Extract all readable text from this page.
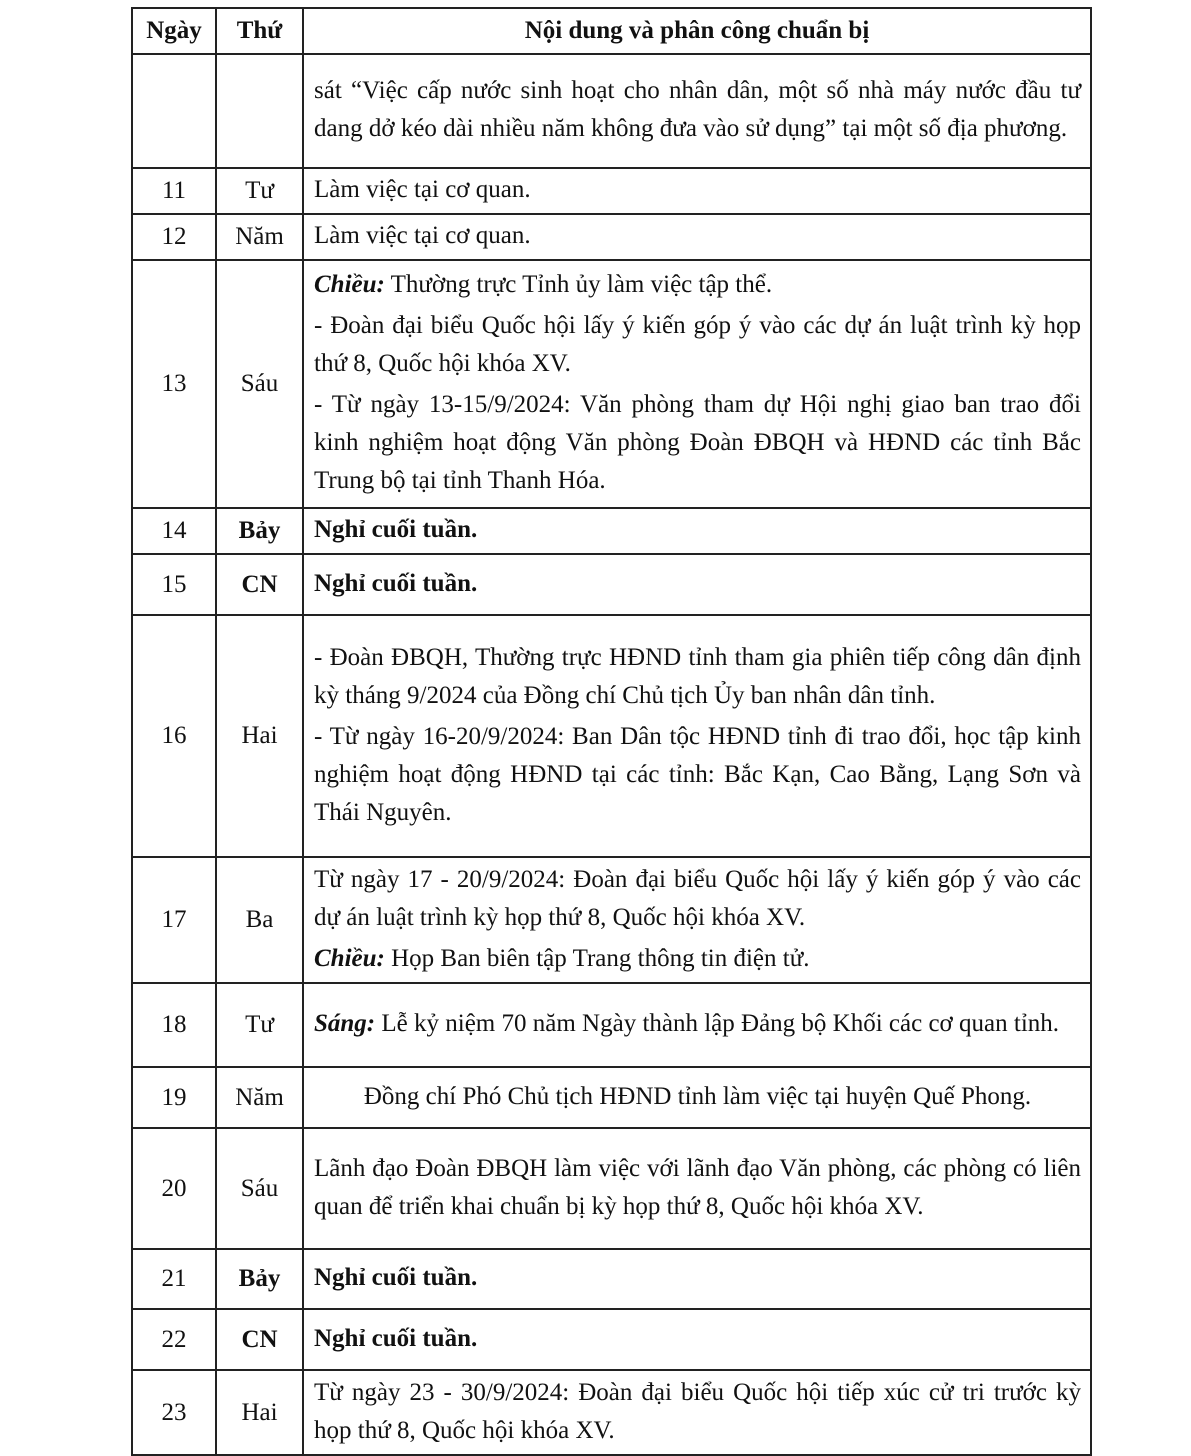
Ngày	Thứ	Nội dung và phân công chuẩn bị

		sát “Việc cấp nước sinh hoạt cho nhân dân, một số nhà máy nước đầu tư dang dở kéo dài nhiều năm không đưa vào sử dụng” tại một số địa phương.

11	Tư	Làm việc tại cơ quan.

12	Năm	Làm việc tại cơ quan.

13	Sáu	Chiều: Thường trực Tỉnh ủy làm việc tập thể.
- Đoàn đại biểu Quốc hội lấy ý kiến góp ý vào các dự án luật trình kỳ họp thứ 8, Quốc hội khóa XV.
- Từ ngày 13-15/9/2024: Văn phòng tham dự Hội nghị giao ban trao đổi kinh nghiệm hoạt động Văn phòng Đoàn ĐBQH và HĐND các tỉnh Bắc Trung bộ tại tỉnh Thanh Hóa.

14	Bảy	Nghỉ cuối tuần.

15	CN	Nghỉ cuối tuần.

16	Hai	- Đoàn ĐBQH, Thường trực HĐND tỉnh tham gia phiên tiếp công dân định kỳ tháng 9/2024 của Đồng chí Chủ tịch Ủy ban nhân dân tỉnh.
- Từ ngày 16-20/9/2024: Ban Dân tộc HĐND tỉnh đi trao đổi, học tập kinh nghiệm hoạt động HĐND tại các tỉnh: Bắc Kạn, Cao Bằng, Lạng Sơn và Thái Nguyên.

17	Ba	Từ ngày 17 - 20/9/2024: Đoàn đại biểu Quốc hội lấy ý kiến góp ý vào các dự án luật trình kỳ họp thứ 8, Quốc hội khóa XV.
Chiều: Họp Ban biên tập Trang thông tin điện tử.

18	Tư	Sáng: Lễ kỷ niệm 70 năm Ngày thành lập Đảng bộ Khối các cơ quan tỉnh.

19	Năm	Đồng chí Phó Chủ tịch HĐND tỉnh làm việc tại huyện Quế Phong.

20	Sáu	Lãnh đạo Đoàn ĐBQH làm việc với lãnh đạo Văn phòng, các phòng có liên quan để triển khai chuẩn bị kỳ họp thứ 8, Quốc hội khóa XV.

21	Bảy	Nghỉ cuối tuần.

22	CN	Nghỉ cuối tuần.

23	Hai	Từ ngày 23 - 30/9/2024: Đoàn đại biểu Quốc hội tiếp xúc cử tri trước kỳ họp thứ 8, Quốc hội khóa XV.
